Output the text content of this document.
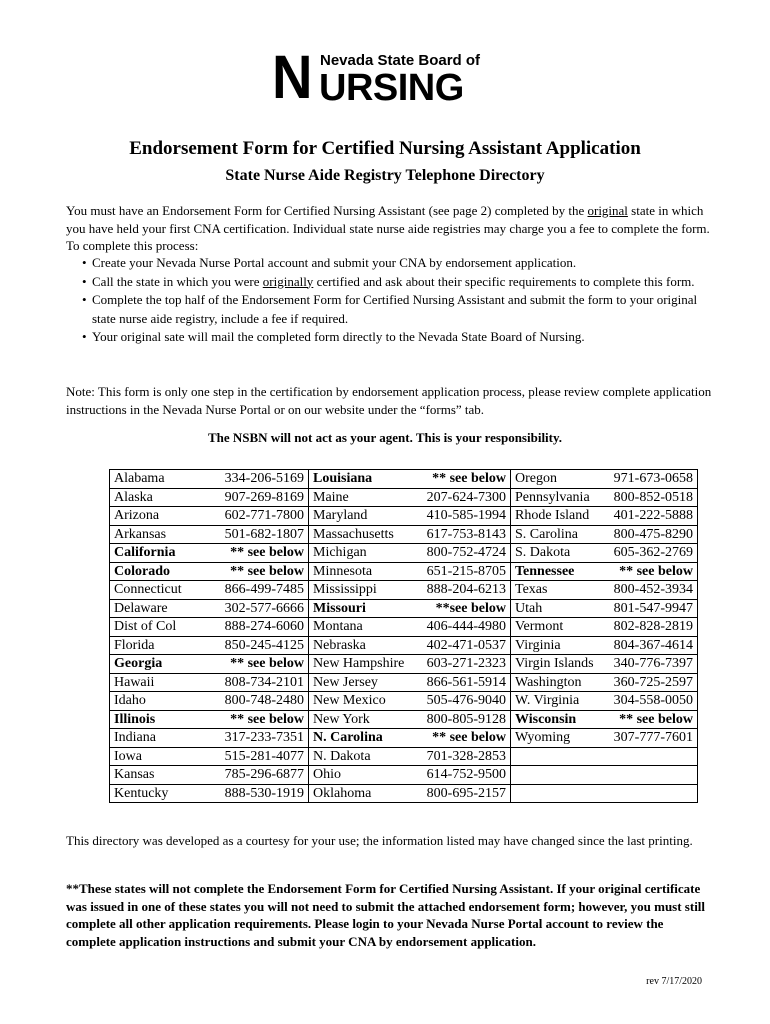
N Nevada State Board of
URSING
Endorsement Form for Certified Nursing Assistant Application
State Nurse Aide Registry Telephone Directory

You must have an Endorsement Form for Certified Nursing Assistant (see page 2) completed by the original state in which you have held your first CNA certification. Individual state nurse aide registries may charge you a fee to complete the form. To complete this process:

• Create your Nevada Nurse Portal account and submit your CNA by endorsement application.
• Call the state in which you were originally certified and ask about their specific requirements to complete this form.
• Complete the top half of the Endorsement Form for Certified Nursing Assistant and submit the form to your original state nurse aide registry, include a fee if required.
• Your original sate will mail the completed form directly to the Nevada State Board of Nursing.

Note: This form is only one step in the certification by endorsement application process, please review complete application instructions in the Nevada Nurse Portal or on our website under the “forms” tab.

The NSBN will not act as your agent. This is your responsibility.
Alabama 334-206-5169	Louisiana ** see below	Oregon 971-673-0658

Alaska 907-269-8169	Maine 207-624-7300	Pennsylvania 800-852-0518

Arizona 602-771-7800	Maryland 410-585-1994	Rhode Island 401-222-5888

Arkansas 501-682-1807	Massachusetts 617-753-8143	S. Carolina 800-475-8290

California ** see below	Michigan 800-752-4724	S. Dakota 605-362-2769

Colorado ** see below	Minnesota 651-215-8705	Tennessee ** see below

Connecticut 866-499-7485	Mississippi 888-204-6213	Texas 800-452-3934

Delaware 302-577-6666	Missouri **see below	Utah 801-547-9947

Dist of Col 888-274-6060	Montana 406-444-4980	Vermont 802-828-2819

Florida 850-245-4125	Nebraska 402-471-0537	Virginia 804-367-4614

Georgia ** see below	New Hampshire 603-271-2323	Virgin Islands 340-776-7397

Hawaii 808-734-2101	New Jersey 866-561-5914	Washington 360-725-2597

Idaho 800-748-2480	New Mexico 505-476-9040	W. Virginia 304-558-0050

Illinois ** see below	New York 800-805-9128	Wisconsin ** see below

Indiana 317-233-7351	N. Carolina ** see below	Wyoming 307-777-7601

Iowa 515-281-4077	N. Dakota 701-328-2853	

Kansas 785-296-6877	Ohio 614-752-9500	

Kentucky 888-530-1919	Oklahoma 800-695-2157	

This directory was developed as a courtesy for your use; the information listed may have changed since the last printing.

**These states will not complete the Endorsement Form for Certified Nursing Assistant. If your original certificate was issued in one of these states you will not need to submit the attached endorsement form; however, you must still complete all other application requirements. Please login to your Nevada Nurse Portal account to review the complete application instructions and submit your CNA by endorsement application.

rev 7/17/2020
